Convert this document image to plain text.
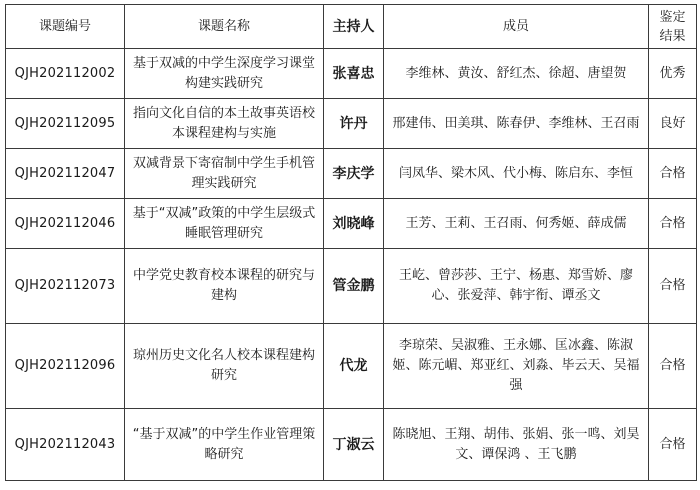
课题编号	课题名称	主持人	成员	鉴定
结果

QJH202112002	基于双减的中学生深度学习课堂构建实践研究	张喜忠	李维林、黄汝、舒红杰、徐超、唐望贺	优秀
QJH202112095	指向文化自信的本土故事英语校本课程建构与实施	许丹	邢建伟、田美琪、陈春伊、李维林、王召雨	良好
QJH202112047	双减背景下寄宿制中学生手机管理实践研究	李庆学	闫凤华、梁木风、代小梅、陈启东、李恒	合格
QJH202112046	基于“双减”政策的中学生层级式睡眠管理研究	刘晓峰	王芳、王莉、王召雨、何秀姬、薛成儒	合格
QJH202112073	中学党史教育校本课程的研究与建构	管金鹏	王屹、曾莎莎、王宁、杨惠、郑雪娇、廖心、张爱萍、韩宇衔、谭丞文	合格
QJH202112096	琼州历史文化名人校本课程建构研究	代龙	李琼荣、吴淑雅、王永娜、匡冰鑫、陈淑姬、陈元嵋、郑亚红、刘淼、毕云天、吴福强	合格
QJH202112043	“基于双减”的中学生作业管理策略研究	丁淑云	陈晓旭、王翔、胡伟、张娟、张一鸣、刘昊文、谭保鸿 、王飞鹏	合格
